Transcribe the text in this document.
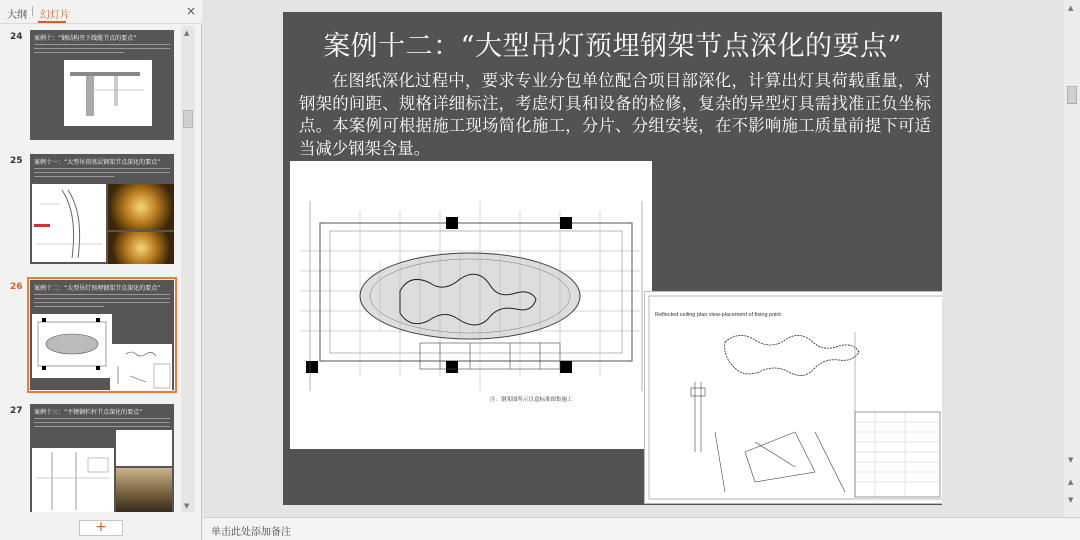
大纲 | 幻灯片	×
24	案例十：“钢结构夹下线缆节点的要点”
25	案例十一：“大型吊顶基层钢架节点深化的要点”
26	案例十二：“大型吊灯预埋钢架节点深化的要点”
27	案例十三：“不锈钢栏杆节点深化的要点”
▲
▼
+
案例十二：“大型吊灯预埋钢架节点深化的要点”
在图纸深化过程中，要求专业分包单位配合项目部深化，计算出灯具荷载重量，对钢架的间距、规格详细标注，考虑灯具和设备的检修，复杂的异型灯具需找准正负坐标点。本案例可根据施工现场简化施工，分片、分组安装，在不影响施工质量前提下可适当减少钢架含量。
注：钢架图所示以盒标准图集施工
Reflected ceiling plan view-placement of fixing point
▲
▼
▲
▼
单击此处添加备注
